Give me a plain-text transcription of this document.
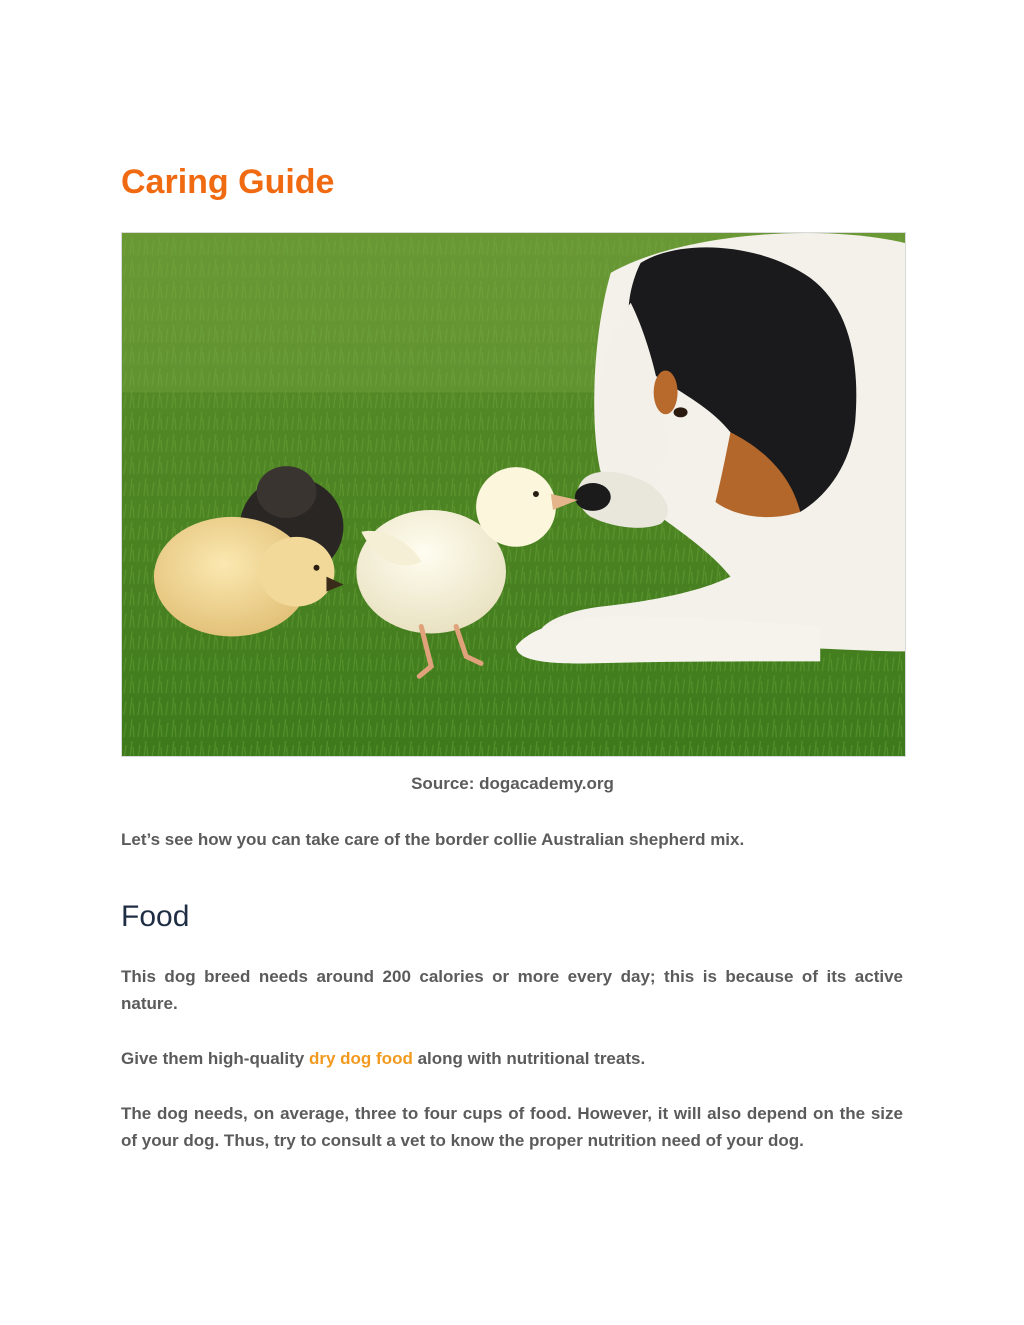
Caring Guide
Source: dogacademy.org

Let’s see how you can take care of the border collie Australian shepherd mix.

Food

This dog breed needs around 200 calories or more every day; this is because of its active nature.

Give them high-quality dry dog food along with nutritional treats.

The dog needs, on average, three to four cups of food. However, it will also depend on the size of your dog. Thus, try to consult a vet to know the proper nutrition need of your dog.
